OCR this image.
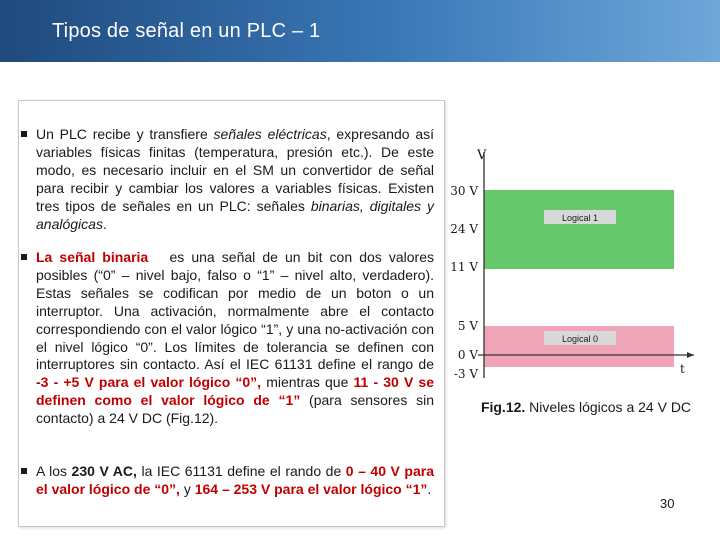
Tipos de señal en un PLC – 1
Un PLC recibe y transfiere señales eléctricas, expresando así variables físicas finitas (temperatura, presión etc.). De este modo, es necesario incluir en el SM un convertidor de señal para recibir y cambiar los valores a variables físicas. Existen tres tipos de señales en un PLC: señales binarias, digitales y analógicas.
La señal binaria es una señal de un bit con dos valores posibles (“0” – nivel bajo, falso o “1” – nivel alto, verdadero). Estas señales se codifican por medio de un boton o un interruptor. Una activación, normalmente abre el contacto correspondiendo con el valor lógico “1”, y una no-activación con el nivel lógico “0”. Los límites de tolerancia se definen con interruptores sin contacto. Así el IEC 61131 define el rango de -3 - +5 V para el valor lógico “0”, mientras que 11 - 30 V se definen como el valor lógico de “1” (para sensores sin contacto) a 24 V DC (Fig.12).
A los 230 V AC, la IEC 61131 define el rando de 0 – 40 V para el valor lógico de “0”, y 164 – 253 V para el valor lógico “1”.
Logical 1
Logical 0
V
t
30 V
24 V
11 V
5 V
0 V
-3 V
Fig.12. Niveles lógicos a 24 V DC
30
